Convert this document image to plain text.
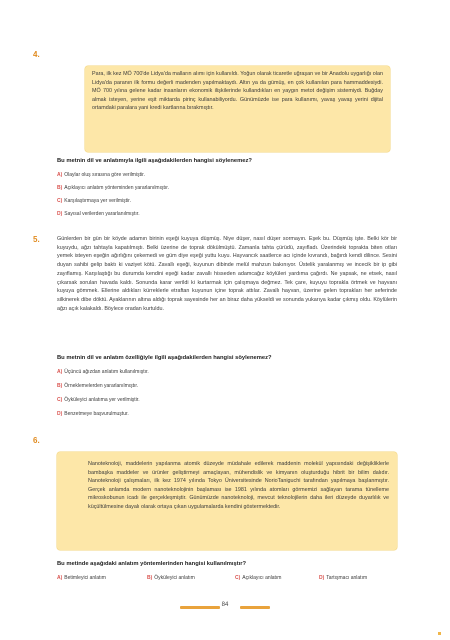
4.
Para, ilk kez MÖ 700'de Lidya'da malların alımı için kullanıldı. Yoğun olarak ticaretle uğraşan ve bir Anadolu uygarlığı olan Lidya'da paranın ilk formu değerli madenden yapılmaktaydı. Altın ya da gümüş, en çok kullanılan para hammaddesiydi. MÖ 700 yılına gelene kadar insanların ekonomik ilişkilerinde kullandıkları en yaygın metot değişim sistemiydi. Buğday almak isteyen, yerine eşit miktarda pirinç kullanabiliyordu. Günümüzde ise para kullanımı, yavaş yavaş yerini dijital ortamdaki paralara yani kredi kartlarına bırakmıştır.
Bu metnin dil ve anlatımıyla ilgili aşağıdakilerden hangisi söylenemez?
A) Olaylar oluş sırasına göre verilmiştir.
B) Açıklayıcı anlatım yönteminden yararlanılmıştır.
C) Karşılaştırmaya yer verilmiştir.
D) Sayısal verilerden yararlanılmıştır.
5.	Günlerden bir gün bir köyde adamın birinin eşeği kuyuya düşmüş. Niye düşer, nasıl düşer sormayın. Eşek bu. Düşmüş işte. Belki kör bir kuyuydu, ağzı tahtayla kapatılmıştı. Belki üzerine de toprak dökülmüştü. Zamanla tahta çürüdü, zayıfladı. Üzerindeki toprakta biten otları yemek isteyen eşeğin ağırlığını çekemedi ve güm diye eşeği yuttu kuyu. Hayvancık saatlerce acı içinde kıvrandı, bağırdı kendi dilince. Sesini duyan sahibi gelip baktı ki vaziyet kötü. Zavallı eşeği, kuyunun dibinde melül mahzun bakınıyor. Üstelik yaralanmış ve incecik bir ip gibi zayıflamış. Karşılaştığı bu durumda kendini eşeği kadar zavallı hisseden adamcağız köylüleri yardıma çağırdı. Ne yapsak, ne etsek, nasıl çıkarsak soruları havada kaldı. Sonunda karar verildi ki kurtarmak için çalışmaya değmez. Tek çare, kuyuyu toprakla örtmek ve hayvanı kuyuya gömmek. Ellerine aldıkları kürreklerle etraftan kuyunun içine toprak attılar. Zavallı hayvan, üzerine gelen toprakları her seferinde silkinerek dibe döktü. Ayaklarının altına aldığı toprak sayesinde her an biraz daha yükseldi ve sonunda yukarıya kadar çıkmış oldu. Köylülerin ağzı açık kalakaldı. Böylece oradan kurtuldu.
Bu metnin dil ve anlatım özelliğiyle ilgili aşağıdakilerden hangisi söylenemez?
A) Üçüncü ağızdan anlatım kullanılmıştır.
B) Örneklemelerden yararlanılmıştır.
C) Öyküleyici anlatıma yer verilmiştir.
D) Benzetmeye başvurulmuştur.
6.
Nanoteknoloji, maddelerin yapılanma atomik düzeyde müdahale edilerek maddenin molekül yapısındaki değişikliklerle bambaşka maddeler ve ürünler geliştirmeyi amaçlayan, mühendislik ve kimyanın oluşturduğu hibrit bir bilim dalıdır. Nanoteknoloji çalışmaları, ilk kez 1974 yılında Tokyo Üniversitesinde NorioTaniguchi tarafından yapılmaya başlanmıştır. Gerçek anlamda modern nanoteknolojinin başlaması ise 1981 yılında atomları görmemizi sağlayan tarama tünelleme mikroskobunun icadı ile gerçekleşmiştir. Günümüzde nanoteknoloji, mevcut teknolojilerin daha ileri düzeyde duyarlılık ve küçültülmesine dayalı olarak ortaya çıkan uygulamalarda kendini göstermektedir.
Bu metinde aşağıdaki anlatım yöntemlerinden hangisi kullanılmıştır?
A) Betimleyici anlatım	B) Öyküleyici anlatım	C) Açıklayıcı anlatım	D) Tartışmacı anlatım
84
